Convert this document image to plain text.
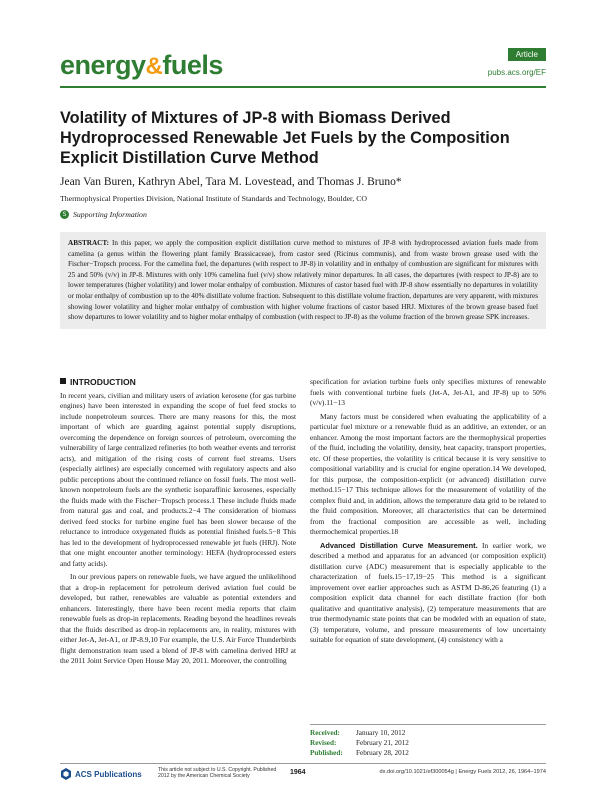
energy&fuels	Article
pubs.acs.org/EF
Volatility of Mixtures of JP-8 with Biomass Derived Hydroprocessed Renewable Jet Fuels by the Composition Explicit Distillation Curve Method
Jean Van Buren, Kathryn Abel, Tara M. Lovestead, and Thomas J. Bruno*
Thermophysical Properties Division, National Institute of Standards and Technology, Boulder, CO
S Supporting Information
ABSTRACT: In this paper, we apply the composition explicit distillation curve method to mixtures of JP-8 with hydroprocessed aviation fuels made from camelina (a genus within the flowering plant family Brassicaceae), from castor seed (Ricinus communis), and from waste brown grease used with the Fischer−Tropsch process. For the camelina fuel, the departures (with respect to JP-8) in volatility and in enthalpy of combustion are significant for mixtures with 25 and 50% (v/v) in JP-8. Mixtures with only 10% camelina fuel (v/v) show relatively minor departures. In all cases, the departures (with respect to JP-8) are to lower temperatures (higher volatility) and lower molar enthalpy of combustion. Mixtures of castor based fuel with JP-8 show essentially no departures in volatility or molar enthalpy of combustion up to the 40% distillate volume fraction. Subsequent to this distillate volume fraction, departures are very apparent, with mixtures showing lower volatility and higher molar enthalpy of combustion with higher volume fractions of castor based HRJ. Mixtures of the brown grease based fuel show departures to lower volatility and to higher molar enthalpy of combustion (with respect to JP-8) as the volume fraction of the brown grease SPK increases.
INTRODUCTION

In recent years, civilian and military users of aviation kerosene (for gas turbine engines) have been interested in expanding the scope of fuel feed stocks to include nonpetroleum sources. There are many reasons for this, the most important of which are guarding against potential supply disruptions, overcoming the dependence on foreign sources of petroleum, overcoming the vulnerability of large centralized refineries (to both weather events and terrorist acts), and mitigation of the rising costs of current fuel streams. Users (especially airlines) are especially concerned with regulatory aspects and also public perceptions about the continued reliance on fossil fuels. The most well-known nonpetroleum fuels are the synthetic isoparaffinic kerosenes, especially the fluids made with the Fischer−Tropsch process.1 These include fluids made from natural gas and coal, and products.2−4 The consideration of biomass derived feed stocks for turbine engine fuel has been slower because of the reluctance to introduce oxygenated fluids as potential finished fuels.5−8 This has led to the development of hydroprocessed renewable jet fuels (HRJ). Note that one might encounter another terminology: HEFA (hydroprocessed esters and fatty acids).

In our previous papers on renewable fuels, we have argued the unlikelihood that a drop-in replacement for petroleum derived aviation fuel could be developed, but rather, renewables are valuable as potential extenders and enhancers. Interestingly, there have been recent media reports that claim renewable fuels as drop-in replacements. Reading beyond the headlines reveals that the fluids described as drop-in replacements are, in reality, mixtures with either Jet-A, Jet-A1, or JP-8.9,10 For example, the U.S. Air Force Thunderbirds flight demonstration team used a blend of JP-8 with camelina derived HRJ at the 2011 Joint Service Open House May 20, 2011. Moreover, the controlling

specification for aviation turbine fuels only specifies mixtures of renewable fuels with conventional turbine fuels (Jet-A, Jet-A1, and JP-8) up to 50% (v/v).11−13

Many factors must be considered when evaluating the applicability of a particular fuel mixture or a renewable fluid as an additive, an extender, or an enhancer. Among the most important factors are the thermophysical properties of the fluid, including the volatility, density, heat capacity, transport properties, etc. Of these properties, the volatility is critical because it is very sensitive to compositional variability and is crucial for engine operation.14 We developed, for this purpose, the composition-explicit (or advanced) distillation curve method.15−17 This technique allows for the measurement of volatility of the complex fluid and, in addition, allows the temperature data grid to be related to the fluid composition. Moreover, all characteristics that can be determined from the fractional composition are accessible as well, including thermochemical properties.18

Advanced Distillation Curve Measurement. In earlier work, we described a method and apparatus for an advanced (or composition explicit) distillation curve (ADC) measurement that is especially applicable to the characterization of fuels.15−17,19−25 This method is a significant improvement over earlier approaches such as ASTM D-86,26 featuring (1) a composition explicit data channel for each distillate fraction (for both qualitative and quantitative analysis), (2) temperature measurements that are true thermodynamic state points that can be modeled with an equation of state, (3) temperature, volume, and pressure measurements of low uncertainty suitable for equation of state development, (4) consistency with a

Received: January 10, 2012
Revised:	February 21, 2012
Published: February 28, 2012
ACS Publications	This article not subject to U.S. Copyright. Published 2012 by the American Chemical Society	1964	dx.doi.org/10.1021/ef300054g | Energy Fuels 2012, 26, 1964−1974
